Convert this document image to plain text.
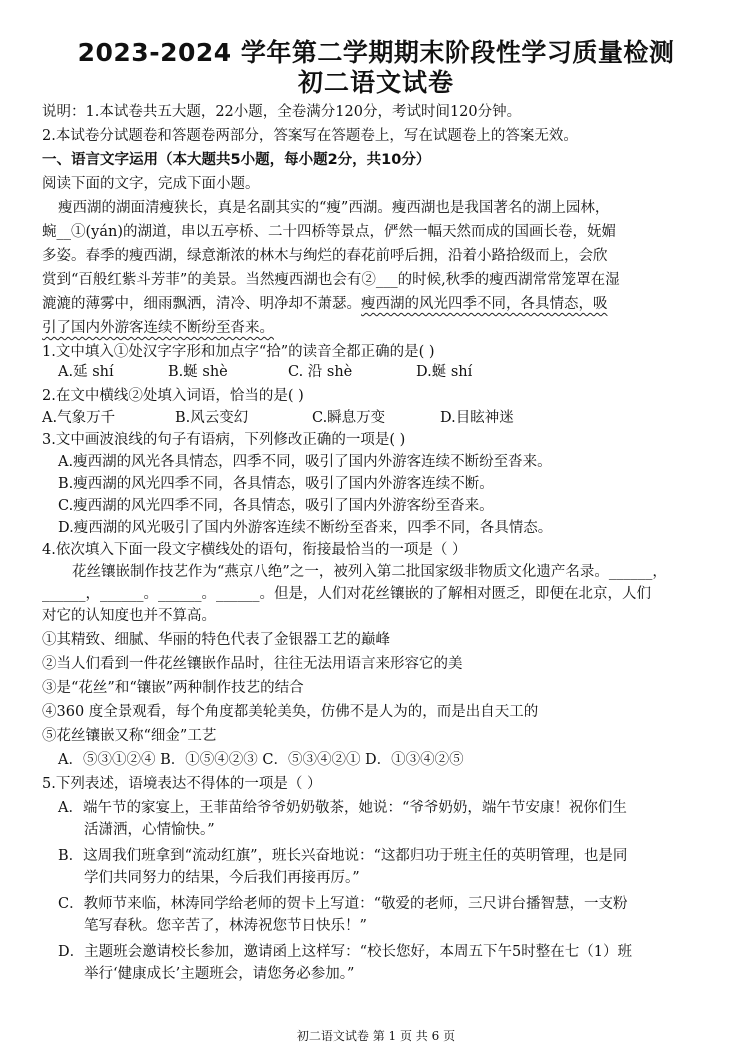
2023-2024 学年第二学期期末阶段性学习质量检测
初二语文试卷
说明：1.本试卷共五大题，22小题，全卷满分120分，考试时间120分钟。
2.本试卷分试题卷和答题卷两部分，答案写在答题卷上，写在试题卷上的答案无效。
一、语言文字运用（本大题共5小题，每小题2分，共10分）
阅读下面的文字，完成下面小题。
瘦西湖的湖面清瘦狭长，真是名副其实的“瘦”西湖。瘦西湖也是我国著名的湖上园林，
蜿__①(yán)的湖道，串以五亭桥、二十四桥等景点，俨然一幅天然而成的国画长卷，妩媚
多姿。春季的瘦西湖，绿意渐浓的林木与绚烂的春花前呼后拥，沿着小路拾级而上，会欣
赏到“百般红紫斗芳菲”的美景。当然瘦西湖也会有②___的时候,秋季的瘦西湖常常笼罩在湿
漉漉的薄雾中，细雨飘洒，清冷、明净却不萧瑟。瘦西湖的风光四季不同，各具情态，吸
引了国内外游客连续不断纷至沓来。
1.文中填入①处汉字字形和加点字“拾”的读音全都正确的是( )
A.延 shí	B.蜒 shè	C. 沿 shè	D.蜒 shí
2.在文中横线②处填入词语，恰当的是( )
A.气象万千	B.风云变幻	C.瞬息万变	D.目眩神迷
3.文中画波浪线的句子有语病，下列修改正确的一项是( )
A.瘦西湖的风光各具情态，四季不同，吸引了国内外游客连续不断纷至沓来。
B.瘦西湖的风光四季不同，各具情态，吸引了国内外游客连续不断。
C.瘦西湖的风光四季不同，各具情态，吸引了国内外游客纷至沓来。
D.瘦西湖的风光吸引了国内外游客连续不断纷至沓来，四季不同，各具情态。
4.依次填入下面一段文字横线处的语句，衔接最恰当的一项是（ ）
花丝镶嵌制作技艺作为“燕京八绝”之一，被列入第二批国家级非物质文化遗产名录。______，
______，______。______。______。但是，人们对花丝镶嵌的了解相对匮乏，即便在北京，人们
对它的认知度也并不算高。
①其精致、细腻、华丽的特色代表了金银器工艺的巅峰
②当人们看到一件花丝镶嵌作品时，往往无法用语言来形容它的美
③是“花丝”和“镶嵌”两种制作技艺的结合
④360 度全景观看，每个角度都美轮美奂，仿佛不是人为的，而是出自天工的
⑤花丝镶嵌又称“细金”工艺
A．⑤③①②④ B．①⑤④②③ C．⑤③④②① D．①③④②⑤
5.下列表述，语境表达不得体的一项是（ ）
A．端午节的家宴上，王菲苗给爷爷奶奶敬茶，她说：“爷爷奶奶，端午节安康！祝你们生
活潇洒，心情愉快。”
B．这周我们班拿到“流动红旗”，班长兴奋地说：“这都归功于班主任的英明管理，也是同
学们共同努力的结果，今后我们再接再厉。”
C．教师节来临，林涛同学给老师的贺卡上写道：“敬爱的老师，三尺讲台播智慧，一支粉
笔写春秋。您辛苦了，林涛祝您节日快乐！”
D．主题班会邀请校长参加，邀请函上这样写：“校长您好，本周五下午5时整在七（1）班
举行‘健康成长’主题班会，请您务必参加。”
初二语文试卷 第 1 页 共 6 页
